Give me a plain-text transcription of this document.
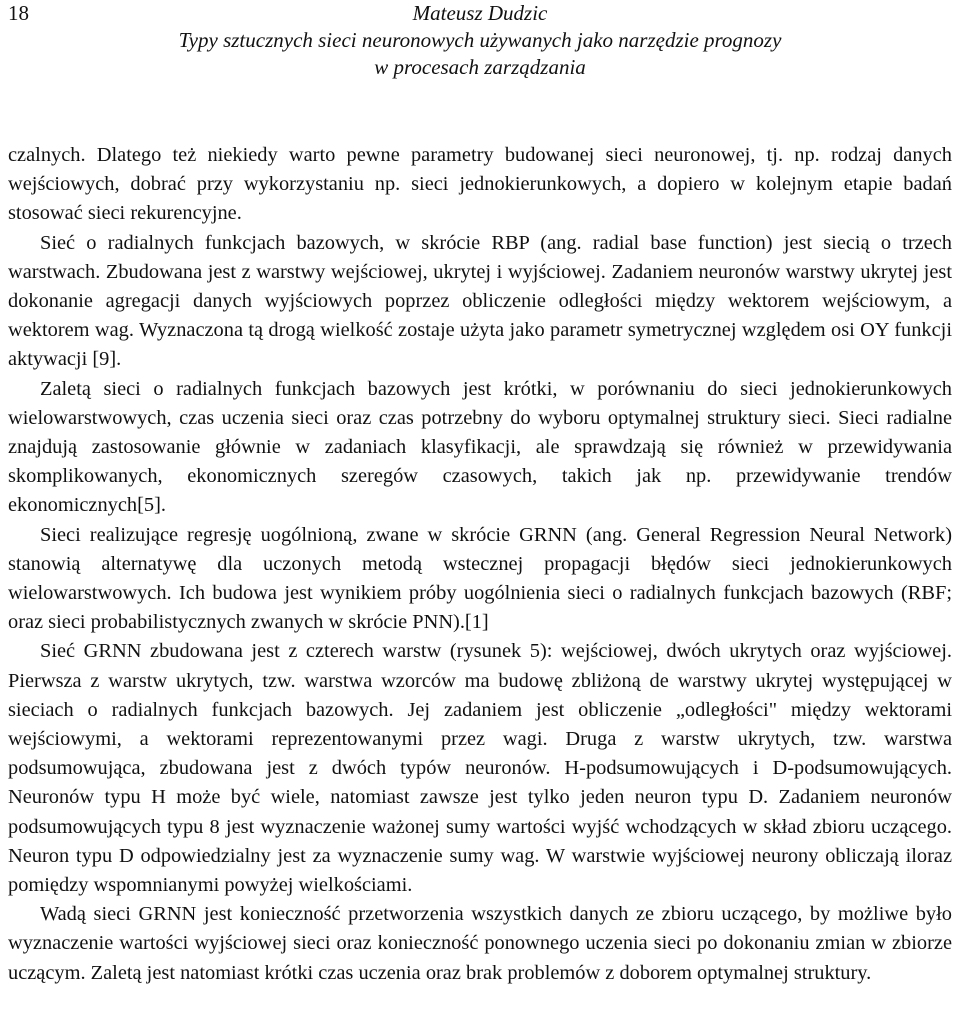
18	Mateusz Dudzic
Typy sztucznych sieci neuronowych używanych jako narzędzie prognozy
w procesach zarządzania

czalnych. Dlatego też niekiedy warto pewne parametry budowanej sieci neuronowej, tj. np. rodzaj danych wejściowych, dobrać przy wykorzystaniu np. sieci jednokierunkowych, a dopiero w kolejnym etapie badań stosować sieci rekurencyjne.

Sieć o radialnych funkcjach bazowych, w skrócie RBP (ang. radial base function) jest siecią o trzech warstwach. Zbudowana jest z warstwy wejściowej, ukrytej i wyjściowej. Zadaniem neuronów warstwy ukrytej jest dokonanie agregacji danych wyjściowych poprzez obliczenie odległości między wektorem wejściowym, a wektorem wag. Wyznaczona tą drogą wielkość zostaje użyta jako parametr symetrycznej względem osi OY funkcji aktywacji [9].

Zaletą sieci o radialnych funkcjach bazowych jest krótki, w porównaniu do sieci jednokierunkowych wielowarstwowych, czas uczenia sieci oraz czas potrzebny do wyboru optymalnej struktury sieci. Sieci radialne znajdują zastosowanie głównie w zadaniach klasyfikacji, ale sprawdzają się również w przewidywania skomplikowanych, ekonomicznych szeregów czasowych, takich jak np. przewidywanie trendów ekonomicznych[5].

Sieci realizujące regresję uogólnioną, zwane w skrócie GRNN (ang. General Regression Neural Network) stanowią alternatywę dla uczonych metodą wstecznej propagacji błędów sieci jednokierunkowych wielowarstwowych. Ich budowa jest wynikiem próby uogólnienia sieci o radialnych funkcjach bazowych (RBF; oraz sieci probabilistycznych zwanych w skrócie PNN).[1]

Sieć GRNN zbudowana jest z czterech warstw (rysunek 5): wejściowej, dwóch ukrytych oraz wyjściowej. Pierwsza z warstw ukrytych, tzw. warstwa wzorców ma budowę zbliżoną de warstwy ukrytej występującej w sieciach o radialnych funkcjach bazowych. Jej zadaniem jest obliczenie „odległości" między wektorami wejściowymi, a wektorami reprezentowanymi przez wagi. Druga z warstw ukrytych, tzw. warstwa podsumowująca, zbudowana jest z dwóch typów neuronów. H-podsumowujących i D-podsumowujących. Neuronów typu H może być wiele, natomiast zawsze jest tylko jeden neuron typu D. Zadaniem neuronów podsumowujących typu 8 jest wyznaczenie ważonej sumy wartości wyjść wchodzących w skład zbioru uczącego. Neuron typu D odpowiedzialny jest za wyznaczenie sumy wag. W warstwie wyjściowej neurony obliczają iloraz pomiędzy wspomnianymi powyżej wielkościami.

Wadą sieci GRNN jest konieczność przetworzenia wszystkich danych ze zbioru uczącego, by możliwe było wyznaczenie wartości wyjściowej sieci oraz konieczność ponownego uczenia sieci po dokonaniu zmian w zbiorze uczącym. Zaletą jest natomiast krótki czas uczenia oraz brak problemów z doborem optymalnej struktury.
